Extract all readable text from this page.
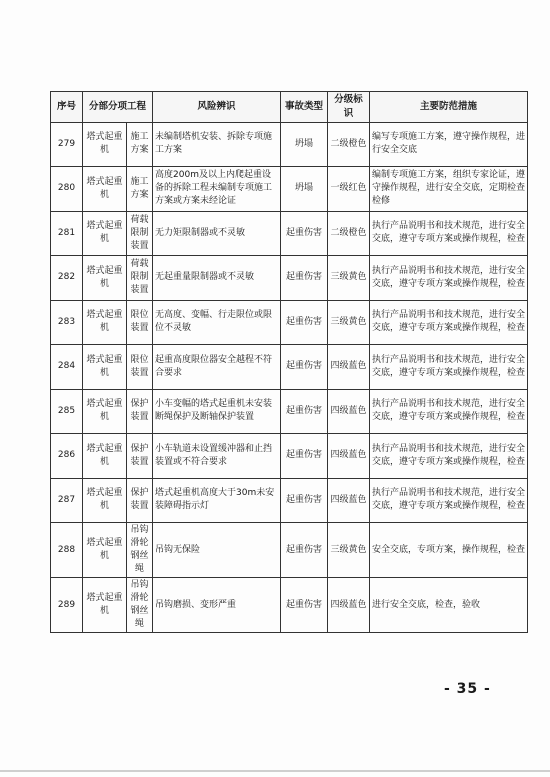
序号	分部分项工程		风险辨识	事故类型	分级标识	主要防范措施
279	塔式起重机	施工方案	未编制塔机安装、拆除专项施工方案	坍塌	二级橙色	编写专项施工方案，遵守操作规程，进行安全交底
280	塔式起重机	施工方案	高度200m及以上内爬起重设备的拆除工程未编制专项施工方案或方案未经论证	坍塌	一级红色	编制专项施工方案，组织专家论证，遵守操作规程，进行安全交底，定期检查检修
281	塔式起重机	荷载限制装置	无力矩限制器或不灵敏	起重伤害	二级橙色	执行产品说明书和技术规范，进行安全交底，遵守专项方案或操作规程，检查
282	塔式起重机	荷载限制装置	无起重量限制器或不灵敏	起重伤害	三级黄色	执行产品说明书和技术规范，进行安全交底，遵守专项方案或操作规程，检查
283	塔式起重机	限位装置	无高度、变幅、行走限位或限位不灵敏	起重伤害	三级黄色	执行产品说明书和技术规范，进行安全交底，遵守专项方案或操作规程，检查
284	塔式起重机	限位装置	起重高度限位器安全越程不符合要求	起重伤害	四级蓝色	执行产品说明书和技术规范，进行安全交底，遵守专项方案或操作规程，检查
285	塔式起重机	保护装置	小车变幅的塔式起重机未安装断绳保护及断轴保护装置	起重伤害	四级蓝色	执行产品说明书和技术规范，进行安全交底，遵守专项方案或操作规程，检查
286	塔式起重机	保护装置	小车轨道未设置缓冲器和止挡装置或不符合要求	起重伤害	四级蓝色	执行产品说明书和技术规范，进行安全交底，遵守专项方案或操作规程，检查
287	塔式起重机	保护装置	塔式起重机高度大于30m未安装障碍指示灯	起重伤害	四级蓝色	执行产品说明书和技术规范，进行安全交底，遵守专项方案或操作规程，检查
288	塔式起重机	吊钩滑轮钢丝绳	吊钩无保险	起重伤害	三级黄色	安全交底，专项方案，操作规程，检查
289	塔式起重机	吊钩滑轮钢丝绳	吊钩磨损、变形严重	起重伤害	四级蓝色	进行安全交底，检查，验收
- 35 -
